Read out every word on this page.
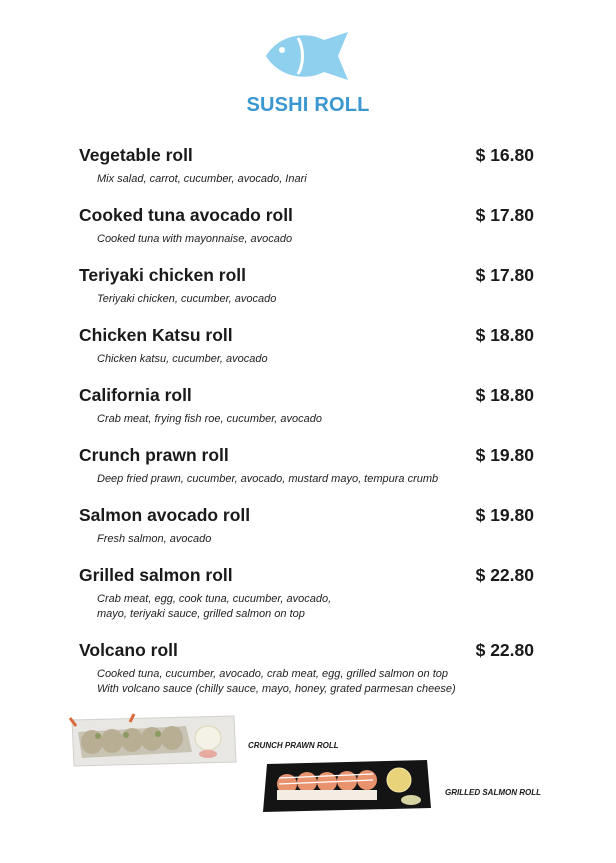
SUSHI ROLL
Vegetable roll	$ 16.80
Mix salad, carrot, cucumber, avocado, Inari
Cooked tuna avocado roll	$ 17.80
Cooked tuna with mayonnaise, avocado
Teriyaki chicken roll	$ 17.80
Teriyaki chicken, cucumber, avocado
Chicken Katsu roll	$ 18.80
Chicken katsu, cucumber, avocado
California roll	$ 18.80
Crab meat, frying fish roe, cucumber, avocado
Crunch prawn roll	$ 19.80
Deep fried prawn, cucumber, avocado, mustard mayo, tempura crumb
Salmon avocado roll	$ 19.80
Fresh salmon, avocado
Grilled salmon roll	$ 22.80
Crab meat, egg, cook tuna, cucumber, avocado,
mayo, teriyaki sauce, grilled salmon on top
Volcano roll	$ 22.80
Cooked tuna, cucumber, avocado, crab meat, egg, grilled salmon on top
With volcano sauce (chilly sauce, mayo, honey, grated parmesan cheese)
CRUNCH PRAWN ROLL
GRILLED SALMON ROLL
